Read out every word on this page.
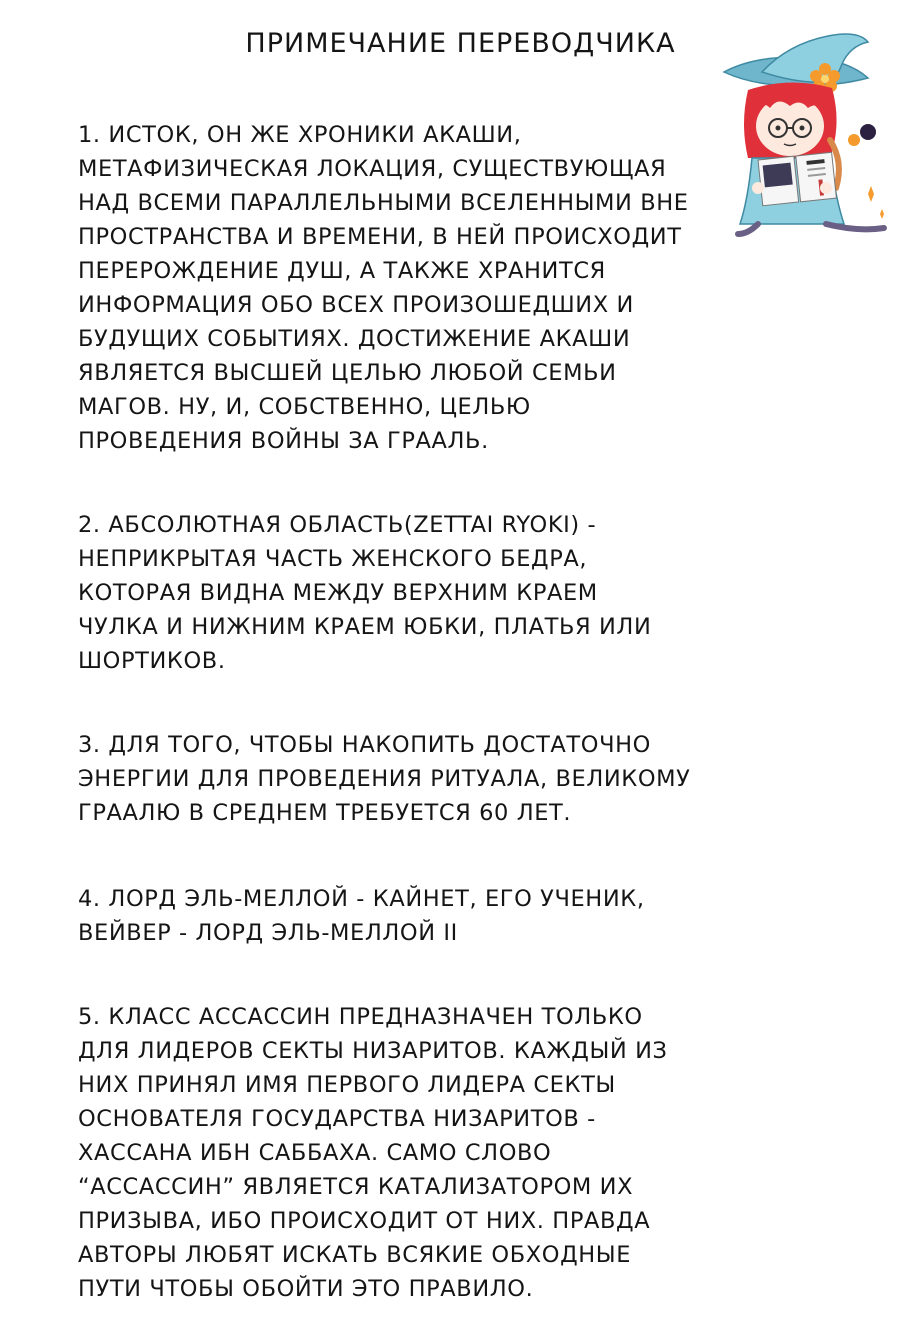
ПРИМЕЧАНИЕ ПЕРЕВОДЧИКА
1. ИСТОК, ОН ЖЕ ХРОНИКИ АКАШИ,
МЕТАФИЗИЧЕСКАЯ ЛОКАЦИЯ, СУЩЕСТВУЮЩАЯ
НАД ВСЕМИ ПАРАЛЛЕЛЬНЫМИ ВСЕЛЕННЫМИ ВНЕ
ПРОСТРАНСТВА И ВРЕМЕНИ, В НЕЙ ПРОИСХОДИТ
ПЕРЕРОЖДЕНИЕ ДУШ, А ТАКЖЕ ХРАНИТСЯ
ИНФОРМАЦИЯ ОБО ВСЕХ ПРОИЗОШЕДШИХ И
БУДУЩИХ СОБЫТИЯХ. ДОСТИЖЕНИЕ АКАШИ
ЯВЛЯЕТСЯ ВЫСШЕЙ ЦЕЛЬЮ ЛЮБОЙ СЕМЬИ
МАГОВ. НУ, И, СОБСТВЕННО, ЦЕЛЬЮ
ПРОВЕДЕНИЯ ВОЙНЫ ЗА ГРААЛЬ.
2. АБСОЛЮТНАЯ ОБЛАСТЬ(ZETTAI RYOKI) -
НЕПРИКРЫТАЯ ЧАСТЬ ЖЕНСКОГО БЕДРА,
КОТОРАЯ ВИДНА МЕЖДУ ВЕРХНИМ КРАЕМ
ЧУЛКА И НИЖНИМ КРАЕМ ЮБКИ, ПЛАТЬЯ ИЛИ
ШОРТИКОВ.
3. ДЛЯ ТОГО, ЧТОБЫ НАКОПИТЬ ДОСТАТОЧНО
ЭНЕРГИИ ДЛЯ ПРОВЕДЕНИЯ РИТУАЛА, ВЕЛИКОМУ
ГРААЛЮ В СРЕДНЕМ ТРЕБУЕТСЯ 60 ЛЕТ.
4. ЛОРД ЭЛЬ-МЕЛЛОЙ - КАЙНЕТ, ЕГО УЧЕНИК,
ВЕЙВЕР - ЛОРД ЭЛЬ-МЕЛЛОЙ II
5. КЛАСС АССАССИН ПРЕДНАЗНАЧЕН ТОЛЬКО
ДЛЯ ЛИДЕРОВ СЕКТЫ НИЗАРИТОВ. КАЖДЫЙ ИЗ
НИХ ПРИНЯЛ ИМЯ ПЕРВОГО ЛИДЕРА СЕКТЫ
ОСНОВАТЕЛЯ ГОСУДАРСТВА НИЗАРИТОВ -
ХАССАНА ИБН САББАХА. САМО СЛОВО
“АССАССИН” ЯВЛЯЕТСЯ КАТАЛИЗАТОРОМ ИХ
ПРИЗЫВА, ИБО ПРОИСХОДИТ ОТ НИХ. ПРАВДА
АВТОРЫ ЛЮБЯТ ИСКАТЬ ВСЯКИЕ ОБХОДНЫЕ
ПУТИ ЧТОБЫ ОБОЙТИ ЭТО ПРАВИЛО.
